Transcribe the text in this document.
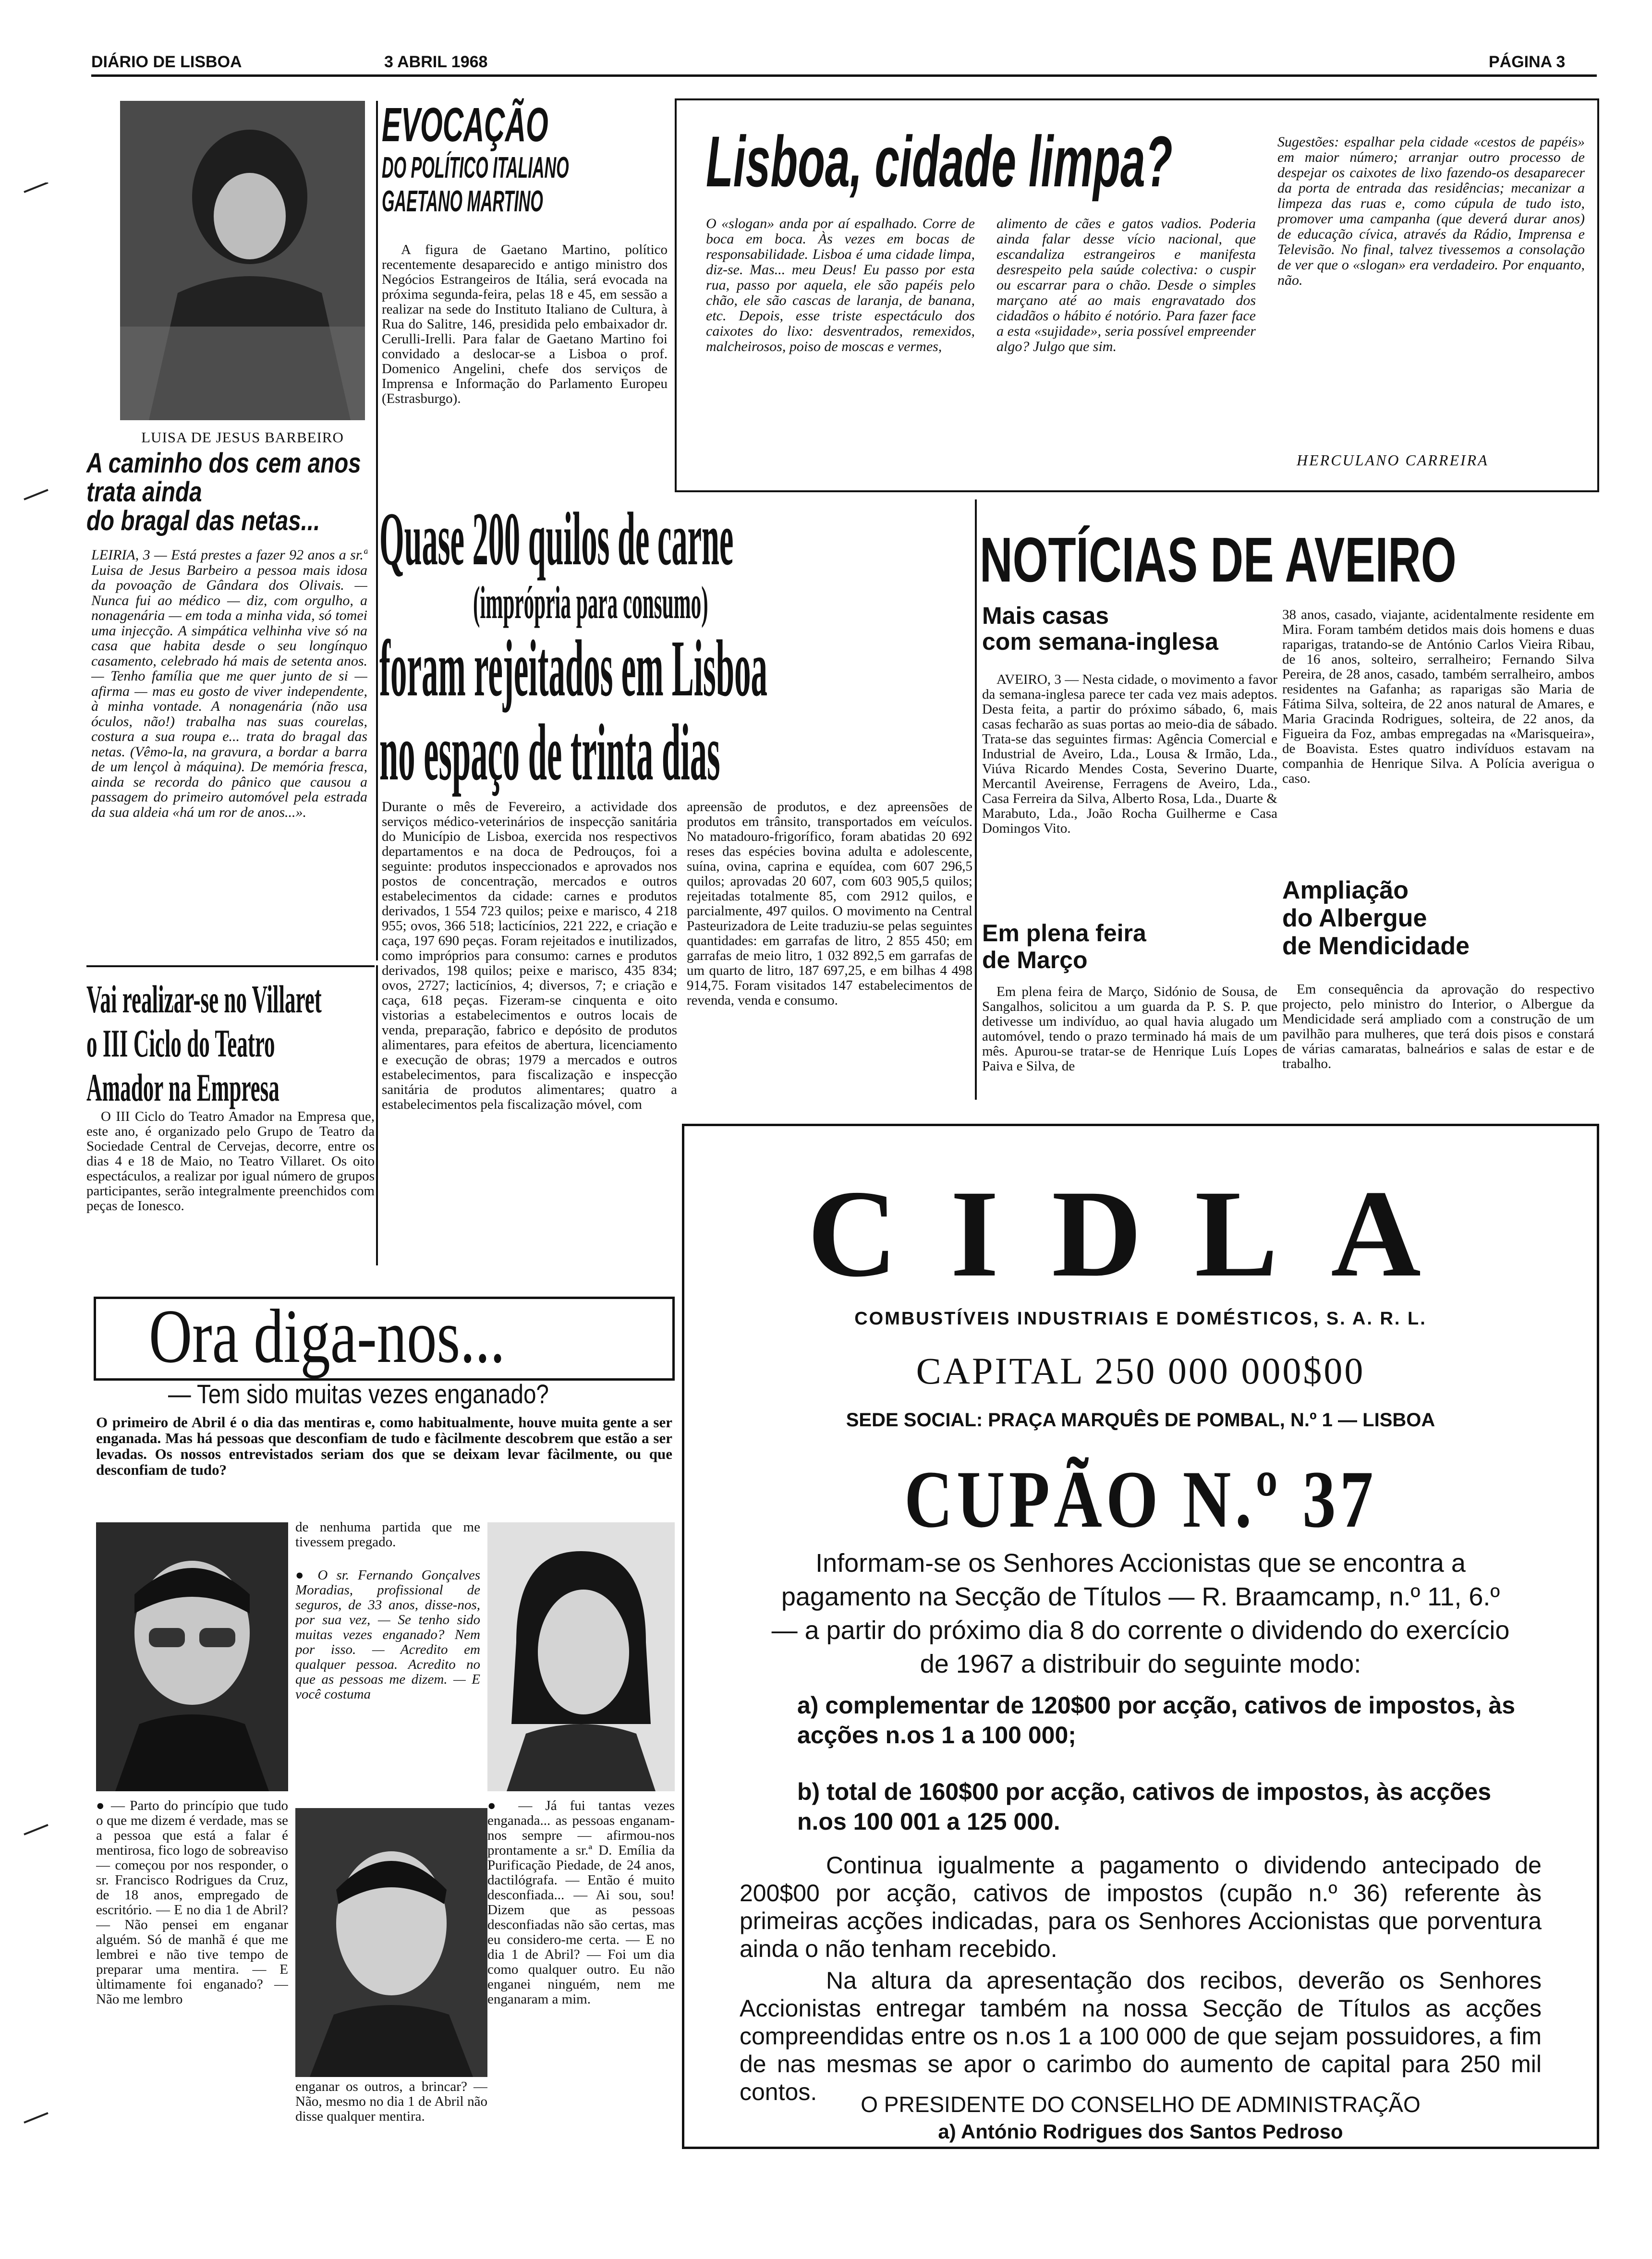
DIÁRIO DE LISBOA	3 ABRIL 1968	PÁGINA 3
LUISA DE JESUS BARBEIRO
A caminho dos cem anos
trata ainda
do bragal das netas...
LEIRIA, 3 — Está prestes a fazer 92 anos a sr.ª Luisa de Jesus Barbeiro a pessoa mais idosa da povoação de Gândara dos Olivais. — Nunca fui ao médico — diz, com orgulho, a nonagenária — em toda a minha vida, só tomei uma injecção. A simpática velhinha vive só na casa que habita desde o seu longínquo casamento, celebrado há mais de setenta anos. — Tenho família que me quer junto de si — afirma — mas eu gosto de viver independente, à minha vontade. A nonagenária (não usa óculos, não!) trabalha nas suas courelas, costura a sua roupa e... trata do bragal das netas. (Vêmo-la, na gravura, a bordar a barra de um lençol à máquina). De memória fresca, ainda se recorda do pânico que causou a passagem do primeiro automóvel pela estrada da sua aldeia «há um ror de anos...».
EVOCAÇÃO
DO POLÍTICO ITALIANO
GAETANO MARTINO
A figura de Gaetano Martino, político recentemente desaparecido e antigo ministro dos Negócios Estrangeiros de Itália, será evocada na próxima segunda-feira, pelas 18 e 45, em sessão a realizar na sede do Instituto Italiano de Cultura, à Rua do Salitre, 146, presidida pelo embaixador dr. Cerulli-Irelli. Para falar de Gaetano Martino foi convidado a deslocar-se a Lisboa o prof. Domenico Angelini, chefe dos serviços de Imprensa e Informação do Parlamento Europeu (Estrasburgo).
Lisboa, cidade limpa?
O «slogan» anda por aí espalhado. Corre de boca em boca. Às vezes em bocas de responsabilidade. Lisboa é uma cidade limpa, diz-se. Mas... meu Deus! Eu passo por esta rua, passo por aquela, ele são papéis pelo chão, ele são cascas de laranja, de banana, etc. Depois, esse triste espectáculo dos caixotes do lixo: desventrados, remexidos, malcheirosos, poiso de moscas e vermes,
alimento de cães e gatos vadios. Poderia ainda falar desse vício nacional, que escandaliza estrangeiros e manifesta desrespeito pela saúde colectiva: o cuspir ou escarrar para o chão. Desde o simples marçano até ao mais engravatado dos cidadãos o hábito é notório. Para fazer face a esta «sujidade», seria possível empreender algo? Julgo que sim.
Sugestões: espalhar pela cidade «cestos de papéis» em maior número; arranjar outro processo de despejar os caixotes de lixo fazendo-os desaparecer da porta de entrada das residências; mecanizar a limpeza das ruas e, como cúpula de tudo isto, promover uma campanha (que deverá durar anos) de educação cívica, através da Rádio, Imprensa e Televisão. No final, talvez tivessemos a consolação de ver que o «slogan» era verdadeiro. Por enquanto, não.
HERCULANO CARREIRA
Quase 200 quilos de carne
(imprópria para consumo)
foram rejeitados em Lisboa
no espaço de trinta dias
Durante o mês de Fevereiro, a actividade dos serviços médico-veterinários de inspecção sanitária do Município de Lisboa, exercida nos respectivos departamentos e na doca de Pedrouços, foi a seguinte: produtos inspeccionados e aprovados nos postos de concentração, mercados e outros estabelecimentos da cidade: carnes e produtos derivados, 1 554 723 quilos; peixe e marisco, 4 218 955; ovos, 366 518; lacticínios, 221 222, e criação e caça, 197 690 peças. Foram rejeitados e inutilizados, como impróprios para consumo: carnes e produtos derivados, 198 quilos; peixe e marisco, 435 834; ovos, 2727; lacticínios, 4; diversos, 7; e criação e caça, 618 peças. Fizeram-se cinquenta e oito vistorias a estabelecimentos e outros locais de venda, preparação, fabrico e depósito de produtos alimentares, para efeitos de abertura, licenciamento e execução de obras; 1979 a mercados e outros estabelecimentos, para fiscalização e inspecção sanitária de produtos alimentares; quatro a estabelecimentos pela fiscalização móvel, com
apreensão de produtos, e dez apreensões de produtos em trânsito, transportados em veículos. No matadouro-frigorífico, foram abatidas 20 692 reses das espécies bovina adulta e adolescente, suína, ovina, caprina e equídea, com 607 296,5 quilos; aprovadas 20 607, com 603 905,5 quilos; rejeitadas totalmente 85, com 2912 quilos, e parcialmente, 497 quilos. O movimento na Central Pasteurizadora de Leite traduziu-se pelas seguintes quantidades: em garrafas de litro, 2 855 450; em garrafas de meio litro, 1 032 892,5 em garrafas de um quarto de litro, 187 697,25, e em bilhas 4 498 914,75. Foram visitados 147 estabelecimentos de revenda, venda e consumo.
NOTÍCIAS DE AVEIRO
Mais casas
com semana-inglesa
AVEIRO, 3 — Nesta cidade, o movimento a favor da semana-inglesa parece ter cada vez mais adeptos. Desta feita, a partir do próximo sábado, 6, mais casas fecharão as suas portas ao meio-dia de sábado. Trata-se das seguintes firmas: Agência Comercial e Industrial de Aveiro, Lda., Lousa & Irmão, Lda., Viúva Ricardo Mendes Costa, Severino Duarte, Mercantil Aveirense, Ferragens de Aveiro, Lda., Casa Ferreira da Silva, Alberto Rosa, Lda., Duarte & Marabuto, Lda., João Rocha Guilherme e Casa Domingos Vito.
Em plena feira
de Março
Em plena feira de Março, Sidónio de Sousa, de Sangalhos, solicitou a um guarda da P. S. P. que detivesse um indivíduo, ao qual havia alugado um automóvel, tendo o prazo terminado há mais de um mês. Apurou-se tratar-se de Henrique Luís Lopes Paiva e Silva, de
38 anos, casado, viajante, acidentalmente residente em Mira. Foram também detidos mais dois homens e duas raparigas, tratando-se de António Carlos Vieira Ribau, de 16 anos, solteiro, serralheiro; Fernando Silva Pereira, de 28 anos, casado, também serralheiro, ambos residentes na Gafanha; as raparigas são Maria de Fátima Silva, solteira, de 22 anos natural de Amares, e Maria Gracinda Rodrigues, solteira, de 22 anos, da Figueira da Foz, ambas empregadas na «Marisqueira», de Boavista. Estes quatro indivíduos estavam na companhia de Henrique Silva. A Polícia averigua o caso.
Ampliação
do Albergue
de Mendicidade
Em consequência da aprovação do respectivo projecto, pelo ministro do Interior, o Albergue da Mendicidade será ampliado com a construção de um pavilhão para mulheres, que terá dois pisos e constará de várias camaratas, balneários e salas de estar e de trabalho.
Vai realizar-se no Villaret
o III Ciclo do Teatro
Amador na Empresa
O III Ciclo do Teatro Amador na Empresa que, este ano, é organizado pelo Grupo de Teatro da Sociedade Central de Cervejas, decorre, entre os dias 4 e 18 de Maio, no Teatro Villaret. Os oito espectáculos, a realizar por igual número de grupos participantes, serão integralmente preenchidos com peças de Ionesco.
Ora diga-nos...
— Tem sido muitas vezes enganado?
O primeiro de Abril é o dia das mentiras e, como habitualmente, houve muita gente a ser enganada. Mas há pessoas que desconfiam de tudo e fàcilmente descobrem que estão a ser levadas. Os nossos entrevistados seriam dos que se deixam levar fàcilmente, ou que desconfiam de tudo?
● — Parto do princípio que tudo o que me dizem é verdade, mas se a pessoa que está a falar é mentirosa, fico logo de sobreaviso — começou por nos responder, o sr. Francisco Rodrigues da Cruz, de 18 anos, empregado de escritório. — E no dia 1 de Abril? — Não pensei em enganar alguém. Só de manhã é que me lembrei e não tive tempo de preparar uma mentira. — E ùltimamente foi enganado? — Não me lembro
de nenhuma partida que me tivessem pregado.
● O sr. Fernando Gonçalves Moradias, profissional de seguros, de 33 anos, disse-nos, por sua vez, — Se tenho sido muitas vezes enganado? Nem por isso. — Acredito em qualquer pessoa. Acredito no que as pessoas me dizem. — E você costuma
enganar os outros, a brincar? — Não, mesmo no dia 1 de Abril não disse qualquer mentira.
● — Já fui tantas vezes enganada... as pessoas enganam-nos sempre — afirmou-nos prontamente a sr.ª D. Emília da Purificação Piedade, de 24 anos, dactilógrafa. — Então é muito desconfiada... — Ai sou, sou! Dizem que as pessoas desconfiadas não são certas, mas eu considero-me certa. — E no dia 1 de Abril? — Foi um dia como qualquer outro. Eu não enganei ninguém, nem me enganaram a mim.
CIDLA
COMBUSTÍVEIS INDUSTRIAIS E DOMÉSTICOS, S. A. R. L.
CAPITAL 250 000 000$00
SEDE SOCIAL: PRAÇA MARQUÊS DE POMBAL, N.º 1 — LISBOA
CUPÃO N.º 37
Informam-se os Senhores Accionistas que se encontra a pagamento na Secção de Títulos — R. Braamcamp, n.º 11, 6.º — a partir do próximo dia 8 do corrente o dividendo do exercício de 1967 a distribuir do seguinte modo:
a) complementar de 120$00 por acção, cativos de impostos, às acções n.os 1 a 100 000;
b) total de 160$00 por acção, cativos de impostos, às acções n.os 100 001 a 125 000.
Continua igualmente a pagamento o dividendo antecipado de 200$00 por acção, cativos de impostos (cupão n.º 36) referente às primeiras acções indicadas, para os Senhores Accionistas que porventura ainda o não tenham recebido.
Na altura da apresentação dos recibos, deverão os Senhores Accionistas entregar também na nossa Secção de Títulos as acções compreendidas entre os n.os 1 a 100 000 de que sejam possuidores, a fim de nas mesmas se apor o carimbo do aumento de capital para 250 mil contos.	O PRESIDENTE DO CONSELHO DE ADMINISTRAÇÃO
a) António Rodrigues dos Santos Pedroso
